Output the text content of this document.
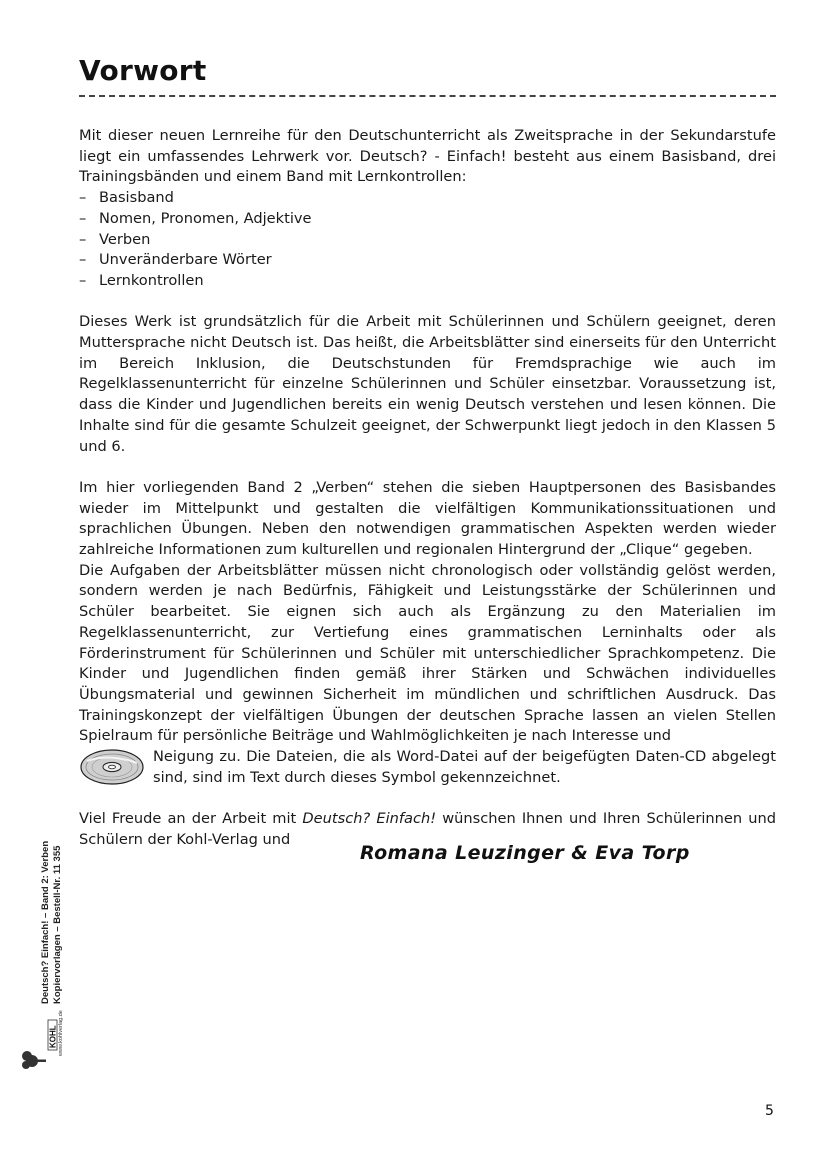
Vorwort

Mit dieser neuen Lernreihe für den Deutschunterricht als Zweitsprache in der Sekundarstufe liegt ein umfassendes Lehrwerk vor. Deutsch? - Einfach! besteht aus einem Basisband, drei Trainingsbänden und einem Band mit Lernkontrollen:

– Basisband
– Nomen, Pronomen, Adjektive
– Verben
– Unveränderbare Wörter
– Lernkontrollen

Dieses Werk ist grundsätzlich für die Arbeit mit Schülerinnen und Schülern geeignet, deren Muttersprache nicht Deutsch ist. Das heißt, die Arbeitsblätter sind einerseits für den Unterricht im Bereich Inklusion, die Deutschstunden für Fremdsprachige wie auch im Regelklassenunterricht für einzelne Schülerinnen und Schüler einsetzbar. Voraussetzung ist, dass die Kinder und Jugendlichen bereits ein wenig Deutsch verstehen und lesen können. Die Inhalte sind für die gesamte Schulzeit geeignet, der Schwerpunkt liegt jedoch in den Klassen 5 und 6.

Im hier vorliegenden Band 2 „Verben“ stehen die sieben Hauptpersonen des Basisbandes wieder im Mittelpunkt und gestalten die vielfältigen Kommunikationssituationen und sprachlichen Übungen. Neben den notwendigen grammatischen Aspekten werden wieder zahlreiche Informationen zum kulturellen und regionalen Hintergrund der „Clique“ gegeben.

Die Aufgaben der Arbeitsblätter müssen nicht chronologisch oder vollständig gelöst werden, sondern werden je nach Bedürfnis, Fähigkeit und Leistungsstärke der Schülerinnen und Schüler bearbeitet. Sie eignen sich auch als Ergänzung zu den Materialien im Regelklassenunterricht, zur Vertiefung eines grammatischen Lerninhalts oder als Förderinstrument für Schülerinnen und Schüler mit unterschiedlicher Sprachkompetenz. Die Kinder und Jugendlichen finden gemäß ihrer Stärken und Schwächen individuelles Übungsmaterial und gewinnen Sicherheit im mündlichen und schriftlichen Ausdruck. Das Trainingskonzept der vielfältigen Übungen der deutschen Sprache lassen an vielen Stellen Spielraum für persönliche Beiträge und Wahlmöglichkeiten je nach Interesse und

Neigung zu. Die Dateien, die als Word-Datei auf der beigefügten Daten-CD abgelegt sind, sind im Text durch dieses Symbol gekennzeichnet.

Viel Freude an der Arbeit mit Deutsch? Einfach! wünschen Ihnen und Ihren Schülerinnen und Schülern der Kohl-Verlag und

Romana Leuzinger & Eva Torp
KOHL www.kohlverlag.de
Deutsch? Einfach! – Band 2: Verben Kopiervorlagen – Bestell-Nr. 11 355
5
